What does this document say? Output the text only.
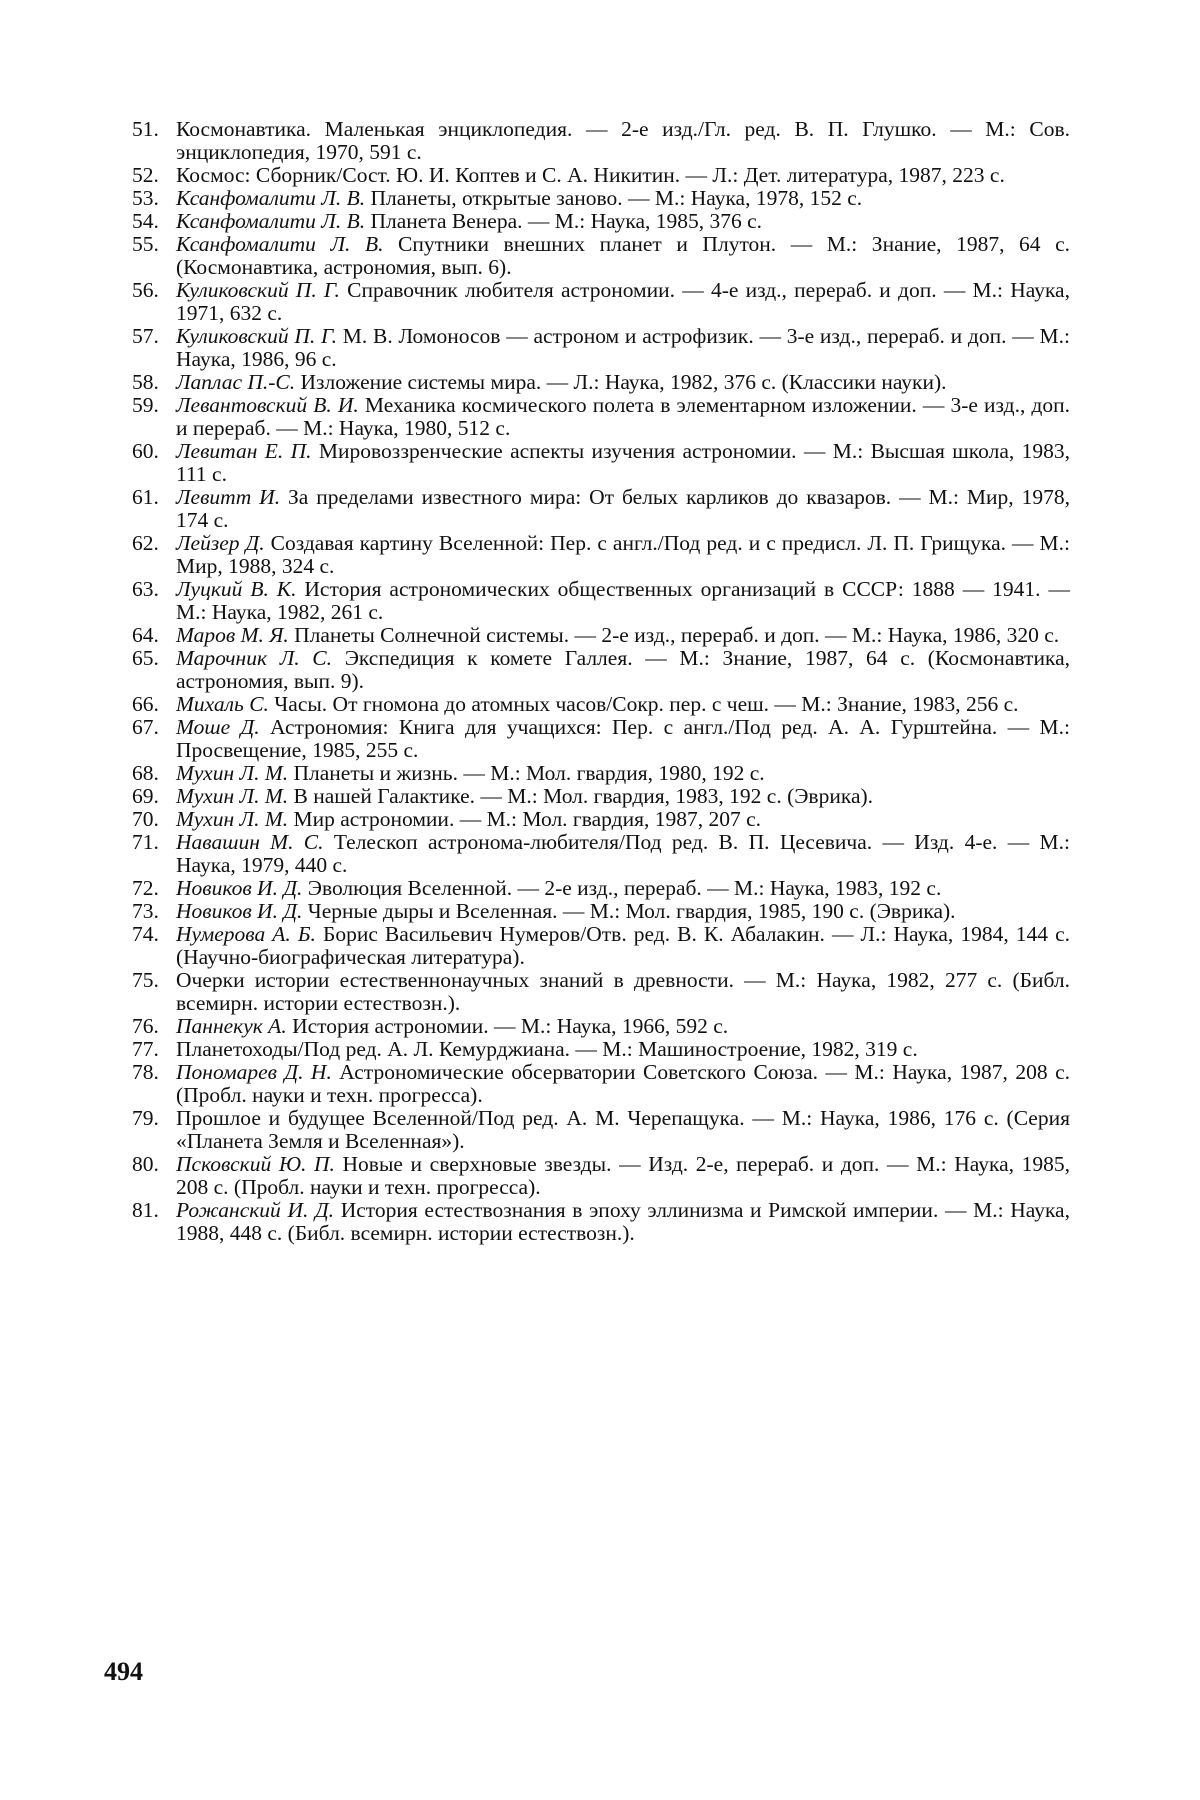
51. Космонавтика. Маленькая энциклопедия. — 2-е изд./Гл. ред. В. П. Глушко. — М.: Сов. энциклопедия, 1970, 591 с.

52. Космос: Сборник/Сост. Ю. И. Коптев и С. А. Никитин. — Л.: Дет. литература, 1987, 223 с.

53. Ксанфомалити Л. В. Планеты, открытые заново. — М.: Наука, 1978, 152 с.

54. Ксанфомалити Л. В. Планета Венера. — М.: Наука, 1985, 376 с.

55. Ксанфомалити Л. В. Спутники внешних планет и Плутон. — М.: Знание, 1987, 64 с. (Космонавтика, астрономия, вып. 6).

56. Куликовский П. Г. Справочник любителя астрономии. — 4-е изд., перераб. и доп. — М.: Наука, 1971, 632 с.

57. Куликовский П. Г. М. В. Ломоносов — астроном и астрофизик. — 3-е изд., перераб. и доп. — М.: Наука, 1986, 96 с.

58. Лаплас П.-С. Изложение системы мира. — Л.: Наука, 1982, 376 с. (Классики науки).

59. Левантовский В. И. Механика космического полета в элементарном изложении. — 3-е изд., доп. и перераб. — М.: Наука, 1980, 512 с.

60. Левитан Е. П. Мировоззренческие аспекты изучения астрономии. — М.: Высшая школа, 1983, 111 с.

61. Левитт И. За пределами известного мира: От белых карликов до квазаров. — М.: Мир, 1978, 174 с.

62. Лейзер Д. Создавая картину Вселенной: Пер. с англ./Под ред. и с предисл. Л. П. Грищука. — М.: Мир, 1988, 324 с.

63. Луцкий В. К. История астрономических общественных организаций в СССР: 1888 — 1941. — М.: Наука, 1982, 261 с.

64. Маров М. Я. Планеты Солнечной системы. — 2-е изд., перераб. и доп. — М.: Наука, 1986, 320 с.

65. Марочник Л. С. Экспедиция к комете Галлея. — М.: Знание, 1987, 64 с. (Космонавтика, астрономия, вып. 9).

66. Михаль С. Часы. От гномона до атомных часов/Сокр. пер. с чеш. — М.: Знание, 1983, 256 с.

67. Моше Д. Астрономия: Книга для учащихся: Пер. с англ./Под ред. А. А. Гурштейна. — М.: Просвещение, 1985, 255 с.

68. Мухин Л. М. Планеты и жизнь. — М.: Мол. гвардия, 1980, 192 с.

69. Мухин Л. М. В нашей Галактике. — М.: Мол. гвардия, 1983, 192 с. (Эврика).

70. Мухин Л. М. Мир астрономии. — М.: Мол. гвардия, 1987, 207 с.

71. Навашин М. С. Телескоп астронома-любителя/Под ред. В. П. Цесевича. — Изд. 4-е. — М.: Наука, 1979, 440 с.

72. Новиков И. Д. Эволюция Вселенной. — 2-е изд., перераб. — М.: Наука, 1983, 192 с.

73. Новиков И. Д. Черные дыры и Вселенная. — М.: Мол. гвардия, 1985, 190 с. (Эврика).

74. Нумерова А. Б. Борис Васильевич Нумеров/Отв. ред. В. К. Абалакин. — Л.: Наука, 1984, 144 с. (Научно-биографическая литература).

75. Очерки истории естественнонаучных знаний в древности. — М.: Наука, 1982, 277 с. (Библ. всемирн. истории естествозн.).

76. Паннекук А. История астрономии. — М.: Наука, 1966, 592 с.

77. Планетоходы/Под ред. А. Л. Кемурджиана. — М.: Машиностроение, 1982, 319 с.

78. Пономарев Д. Н. Астрономические обсерватории Советского Союза. — М.: Наука, 1987, 208 с. (Пробл. науки и техн. прогресса).

79. Прошлое и будущее Вселенной/Под ред. А. М. Черепащука. — М.: Наука, 1986, 176 с. (Серия «Планета Земля и Вселенная»).

80. Псковский Ю. П. Новые и сверхновые звезды. — Изд. 2-е, перераб. и доп. — М.: Наука, 1985, 208 с. (Пробл. науки и техн. прогресса).

81. Рожанский И. Д. История естествознания в эпоху эллинизма и Римской империи. — М.: Наука, 1988, 448 с. (Библ. всемирн. истории естествозн.).

494
